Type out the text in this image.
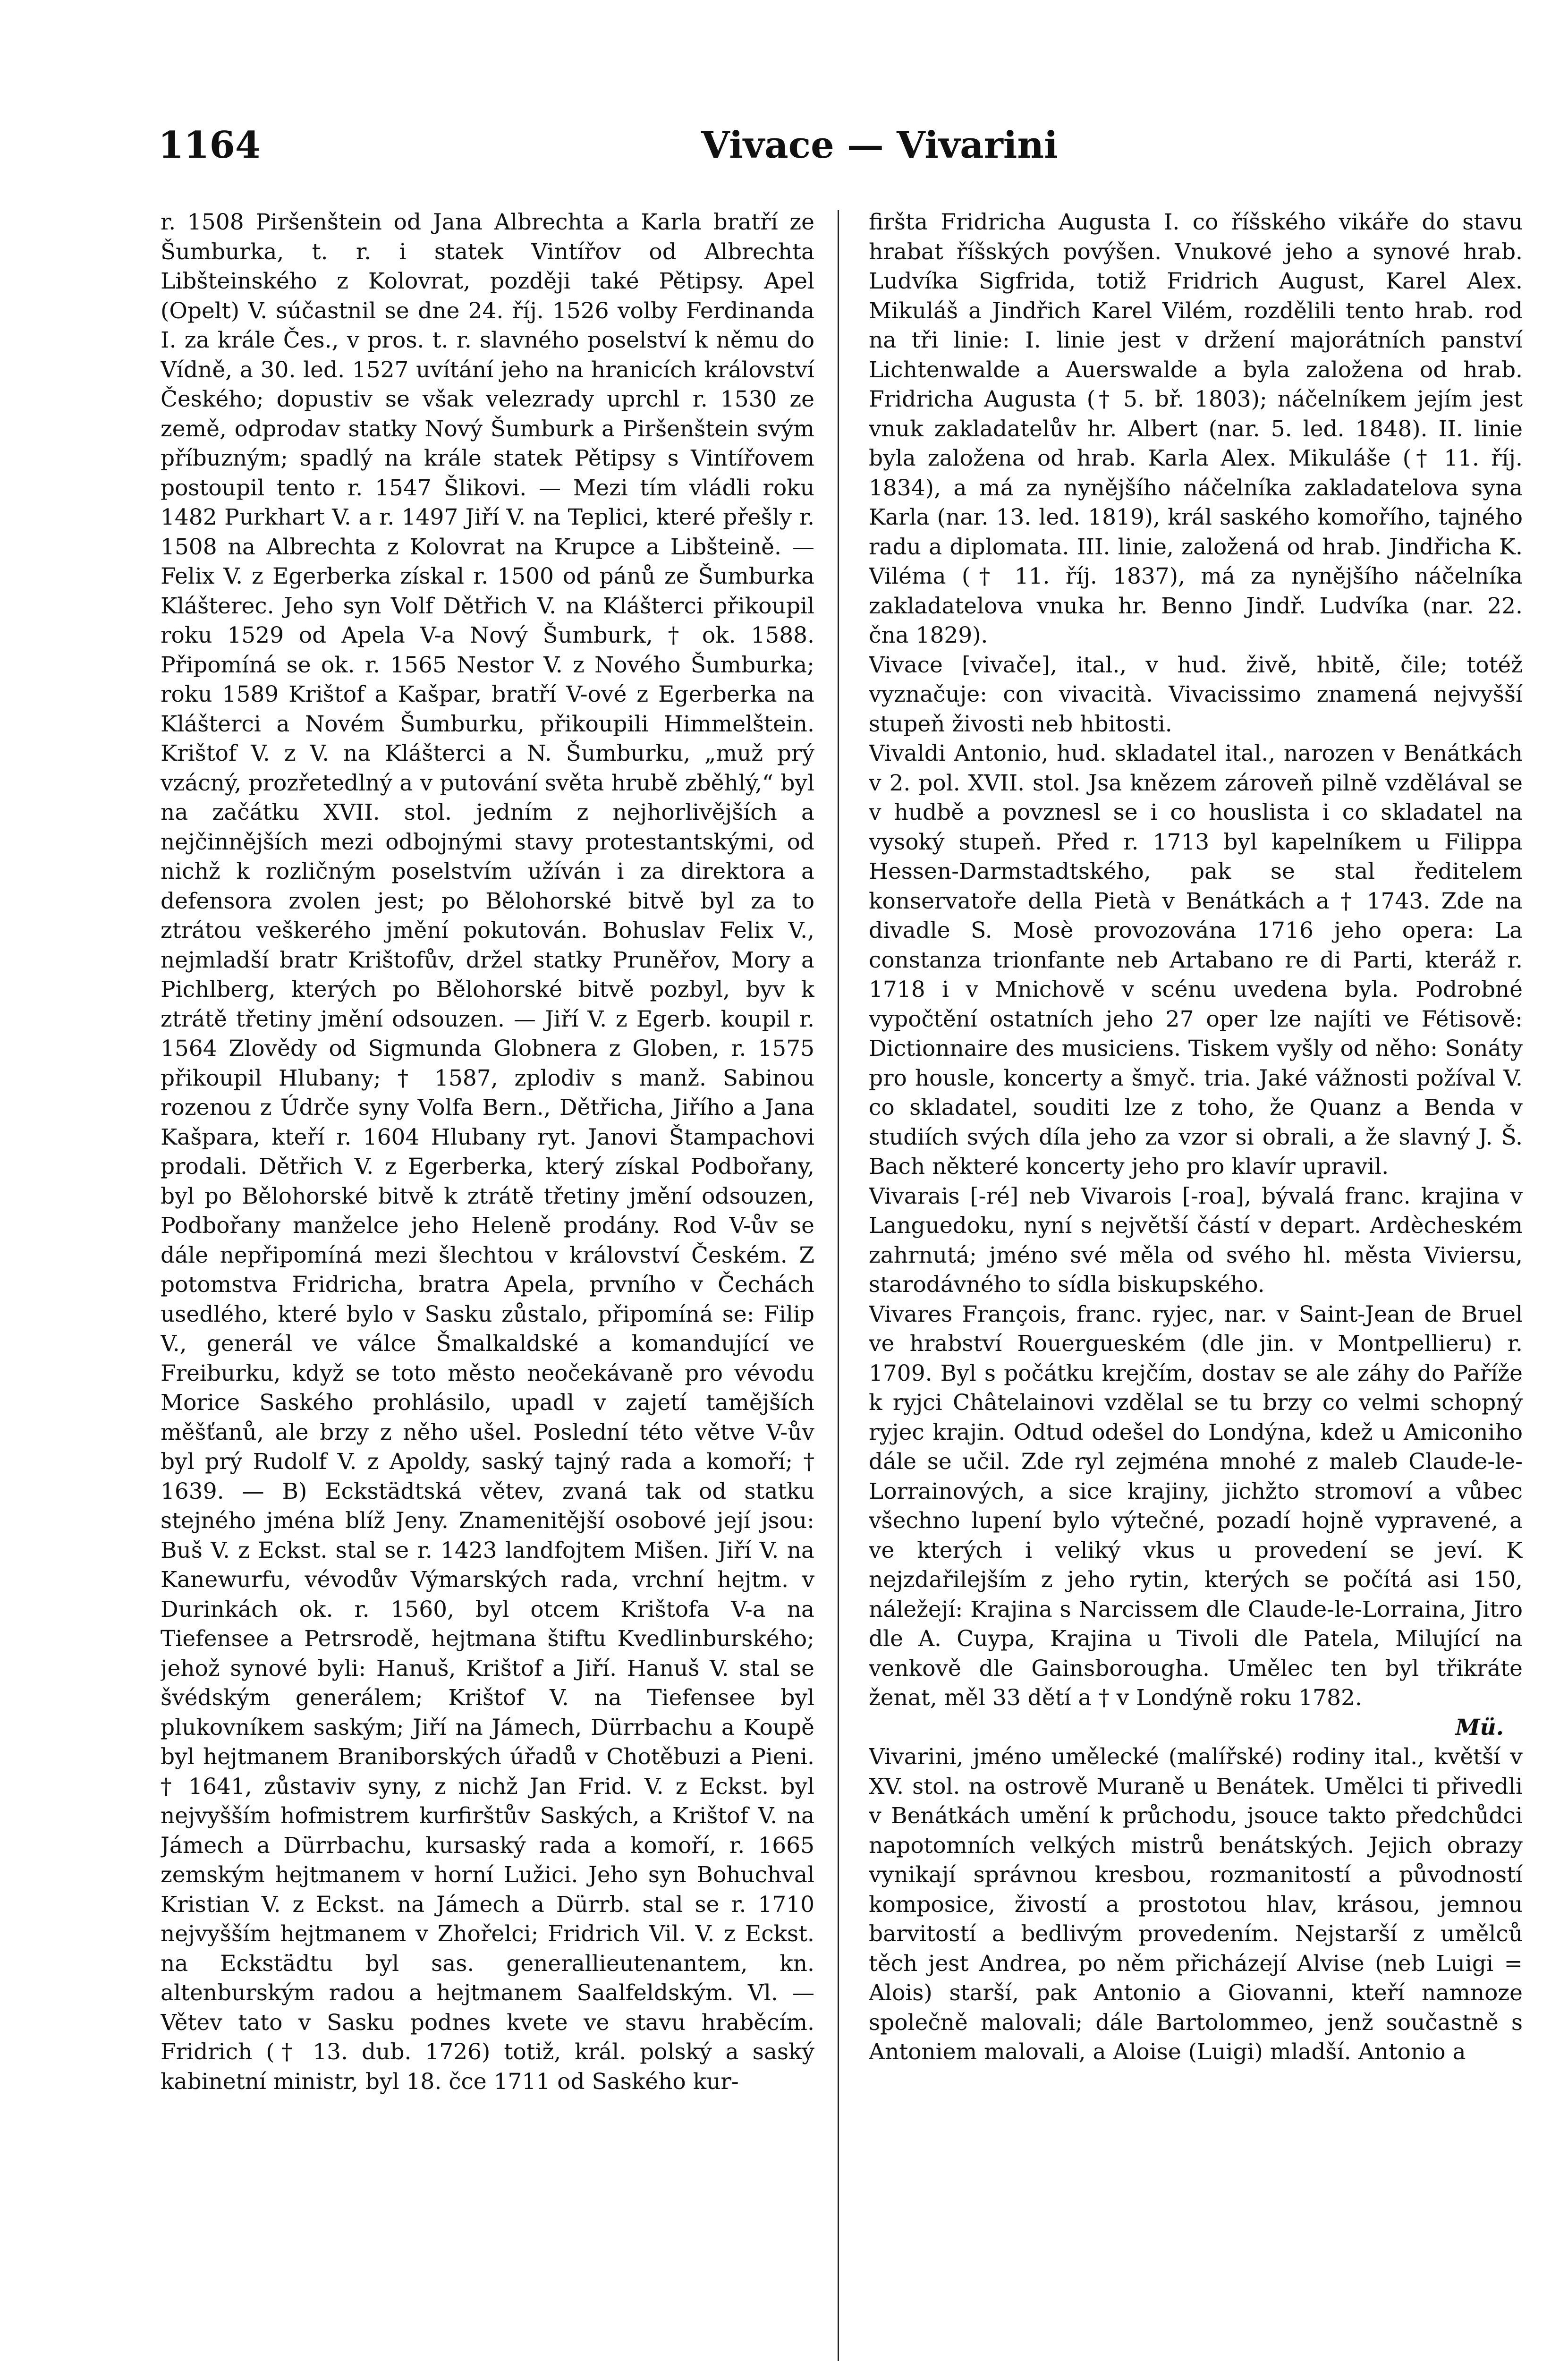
1164	Vivace — Vivarini

r. 1508 Piršenštein od Jana Albrechta a Karla bratří ze Šumburka, t. r. i statek Vintířov od Albrechta Libšteinského z Kolovrat, později také Pětipsy. Apel (Opelt) V. súčastnil se dne 24. říj. 1526 volby Ferdinanda I. za krále Čes., v pros. t. r. slavného poselství k němu do Vídně, a 30. led. 1527 uvítání jeho na hranicích království Českého; dopustiv se však velezrady uprchl r. 1530 ze země, odprodav statky Nový Šumburk a Piršenštein svým příbuzným; spadlý na krále statek Pětipsy s Vintířovem postoupil tento r. 1547 Šlikovi. — Mezi tím vládli roku 1482 Purkhart V. a r. 1497 Jiří V. na Teplici, které přešly r. 1508 na Albrechta z Kolovrat na Krupce a Libšteině. — Felix V. z Egerberka získal r. 1500 od pánů ze Šumburka Klášterec. Jeho syn Volf Dětřich V. na Klášterci přikoupil roku 1529 od Apela V-a Nový Šumburk, † ok. 1588. Připomíná se ok. r. 1565 Nestor V. z Nového Šumburka; roku 1589 Krištof a Kašpar, bratří V-ové z Egerberka na Klášterci a Novém Šumburku, přikoupili Himmelštein. Krištof V. z V. na Klášterci a N. Šumburku, „muž prý vzácný, prozřetedlný a v putování světa hrubě zběhlý,“ byl na začátku XVII. stol. jedním z nejhorlivějších a nejčinnějších mezi odbojnými stavy protestantskými, od nichž k rozličným poselstvím užíván i za direktora a defensora zvolen jest; po Bělohorské bitvě byl za to ztrátou veškerého jmění pokutován. Bohuslav Felix V., nejmladší bratr Krištofův, držel statky Pruněřov, Mory a Pichlberg, kterých po Bělohorské bitvě pozbyl, byv k ztrátě třetiny jmění odsouzen. — Jiří V. z Egerb. koupil r. 1564 Zlovědy od Sigmunda Globnera z Globen, r. 1575 přikoupil Hlubany; † 1587, zplodiv s manž. Sabinou rozenou z Údrče syny Volfa Bern., Dětřicha, Jiřího a Jana Kašpara, kteří r. 1604 Hlubany ryt. Janovi Štampachovi prodali. Dětřich V. z Egerberka, který získal Podbořany, byl po Bělohorské bitvě k ztrátě třetiny jmění odsouzen, Podbořany manželce jeho Heleně prodány. Rod V-ův se dále nepřipomíná mezi šlechtou v království Českém. Z potomstva Fridricha, bratra Apela, prvního v Čechách usedlého, které bylo v Sasku zůstalo, připomíná se: Filip V., generál ve válce Šmalkaldské a komandující ve Freiburku, když se toto město neočekávaně pro vévodu Morice Saského prohlásilo, upadl v zajetí tamějších měšťanů, ale brzy z něho ušel. Poslední této větve V-ův byl prý Rudolf V. z Apoldy, saský tajný rada a komoří; † 1639. — B) Eckstädtská větev, zvaná tak od statku stejného jména blíž Jeny. Znamenitější osobové její jsou: Buš V. z Eckst. stal se r. 1423 landfojtem Mišen. Jiří V. na Kanewurfu, vévodův Výmarských rada, vrchní hejtm. v Durinkách ok. r. 1560, byl otcem Krištofa V-a na Tiefensee a Petrsrodě, hejtmana štiftu Kvedlinburského; jehož synové byli: Hanuš, Krištof a Jiří. Hanuš V. stal se švédským generálem; Krištof V. na Tiefensee byl plukovníkem saským; Jiří na Jámech, Dürrbachu a Koupě byl hejtmanem Braniborských úřadů v Chotěbuzi a Pieni. † 1641, zůstaviv syny, z nichž Jan Frid. V. z Eckst. byl nejvyšším hofmistrem kurfirštův Saských, a Krištof V. na Jámech a Dürrbachu, kursaský rada a komoří, r. 1665 zemským hejtmanem v horní Lužici. Jeho syn Bohuchval Kristian V. z Eckst. na Jámech a Dürrb. stal se r. 1710 nejvyšším hejtmanem v Zhořelci; Fridrich Vil. V. z Eckst. na Eckstädtu byl sas. generallieutenantem, kn. altenburským radou a hejtmanem Saalfeldským. Vl. — Větev tato v Sasku podnes kvete ve stavu hraběcím. Fridrich († 13. dub. 1726) totiž, král. polský a saský kabinetní ministr, byl 18. čce 1711 od Saského kur-

firšta Fridricha Augusta I. co říšského vikáře do stavu hrabat říšských povýšen. Vnukové jeho a synové hrab. Ludvíka Sigfrida, totiž Fridrich August, Karel Alex. Mikuláš a Jindřich Karel Vilém, rozdělili tento hrab. rod na tři linie: I. linie jest v držení majorátních panství Lichtenwalde a Auerswalde a byla založena od hrab. Fridricha Augusta († 5. bř. 1803); náčelníkem jejím jest vnuk zakladatelův hr. Albert (nar. 5. led. 1848). II. linie byla založena od hrab. Karla Alex. Mikuláše († 11. říj. 1834), a má za nynějšího náčelníka zakladatelova syna Karla (nar. 13. led. 1819), král saského komořího, tajného radu a diplomata. III. linie, založená od hrab. Jindřicha K. Viléma († 11. říj. 1837), má za nynějšího náčelníka zakladatelova vnuka hr. Benno Jindř. Ludvíka (nar. 22. čna 1829).

Vivace [vivače], ital., v hud. živě, hbitě, čile; totéž vyznačuje: con vivacità. Vivacissimo znamená nejvyšší stupeň živosti neb hbitosti.

Vivaldi Antonio, hud. skladatel ital., narozen v Benátkách v 2. pol. XVII. stol. Jsa knězem zároveň pilně vzdělával se v hudbě a povznesl se i co houslista i co skladatel na vysoký stupeň. Před r. 1713 byl kapelníkem u Filippa Hessen-Darmstadtského, pak se stal ředitelem konservatoře della Pietà v Benátkách a † 1743. Zde na divadle S. Mosè provozována 1716 jeho opera: La constanza trionfante neb Artabano re di Parti, kteráž r. 1718 i v Mnichově v scénu uvedena byla. Podrobné vypočtění ostatních jeho 27 oper lze najíti ve Fétisově: Dictionnaire des musiciens. Tiskem vyšly od něho: Sonáty pro housle, koncerty a šmyč. tria. Jaké vážnosti požíval V. co skladatel, souditi lze z toho, že Quanz a Benda v studiích svých díla jeho za vzor si obrali, a že slavný J. Š. Bach některé koncerty jeho pro klavír upravil.

Vivarais [-ré] neb Vivarois [-roa], bývalá franc. krajina v Languedoku, nyní s největší částí v depart. Ardècheském zahrnutá; jméno své měla od svého hl. města Viviersu, starodávného to sídla biskupského.

Vivares François, franc. ryjec, nar. v Saint-Jean de Bruel ve hrabství Rouerguеském (dle jin. v Montpellieru) r. 1709. Byl s počátku krejčím, dostav se ale záhy do Paříže k ryjci Châtelainovi vzdělal se tu brzy co velmi schopný ryjec krajin. Odtud odešel do Londýna, kdež u Amiconiho dále se učil. Zde ryl zejména mnohé z maleb Claude-le-Lorrainových, a sice krajiny, jichžto stromoví a vůbec všechno lupení bylo výtečné, pozadí hojně vypravené, a ve kterých i veliký vkus u provedení se jeví. K nejzdařilejším z jeho rytin, kterých se počítá asi 150, náležejí: Krajina s Narcissem dle Claude-le-Lorraina, Jitro dle A. Cuypa, Krajina u Tivoli dle Patela, Milující na venkově dle Gainsborougha. Umělec ten byl třikráte ženat, měl 33 dětí a † v Londýně roku 1782.

Mü.

Vivarini, jméno umělecké (malířské) rodiny ital., květší v XV. stol. na ostrově Muraně u Benátek. Umělci ti přivedli v Benátkách umění k průchodu, jsouce takto předchůdci napotomních velkých mistrů benátských. Jejich obrazy vynikají správnou kresbou, rozmanitostí a původností komposice, živostí a prostotou hlav, krásou, jemnou barvitostí a bedlivým provedením. Nejstarší z umělců těch jest Andrea, po něm přicházejí Alvise (neb Luigi = Alois) starší, pak Antonio a Giovanni, kteří namnoze společně malovali; dále Bartolommeo, jenž součastně s Antoniem malovali, a Aloise (Luigi) mladší. Antonio a
